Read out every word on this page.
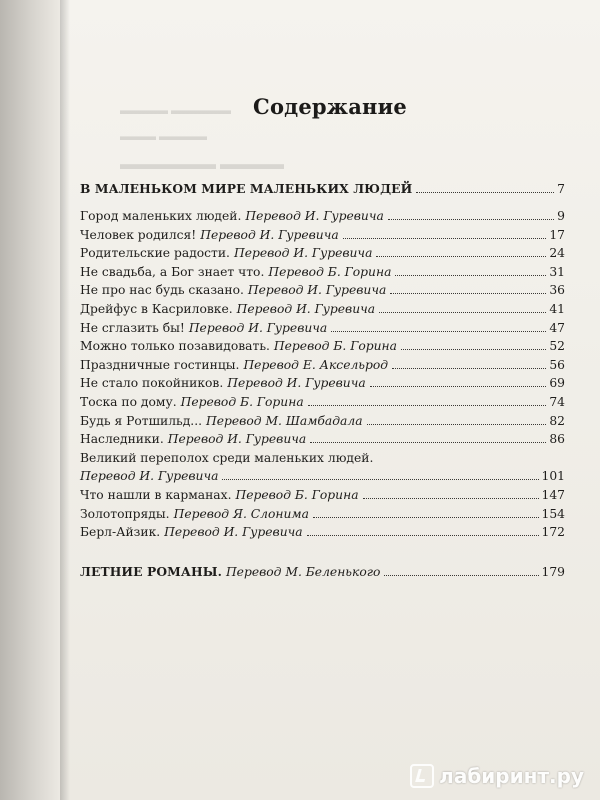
▬▬▬▬ ▬▬▬▬▬
▬▬▬ ▬▬▬▬
▬▬▬▬▬▬ ▬▬▬▬
Содержание
В МАЛЕНЬКОМ МИРЕ МАЛЕНЬКИХ ЛЮДЕЙ	7
Город маленьких людей. Перевод И. Гуревича	9
Человек родился! Перевод И. Гуревича	17
Родительские радости. Перевод И. Гуревича	24
Не свадьба, а Бог знает что. Перевод Б. Горина	31
Не про нас будь сказано. Перевод И. Гуревича	36
Дрейфус в Касриловке. Перевод И. Гуревича	41
Не сглазить бы! Перевод И. Гуревича	47
Можно только позавидовать. Перевод Б. Горина	52
Праздничные гостинцы. Перевод Е. Аксельрод	56
Не стало покойников. Перевод И. Гуревича	69
Тоска по дому. Перевод Б. Горина	74
Будь я Ротшильд... Перевод М. Шамбадала	82
Наследники. Перевод И. Гуревича	86
Великий переполох среди маленьких людей.
Перевод И. Гуревича	101
Что нашли в карманах. Перевод Б. Горина	147
Золотопряды. Перевод Я. Слонима	154
Берл-Айзик. Перевод И. Гуревича	172
ЛЕТНИЕ РОМАНЫ. Перевод М. Беленького	179
лабиринт.ру
